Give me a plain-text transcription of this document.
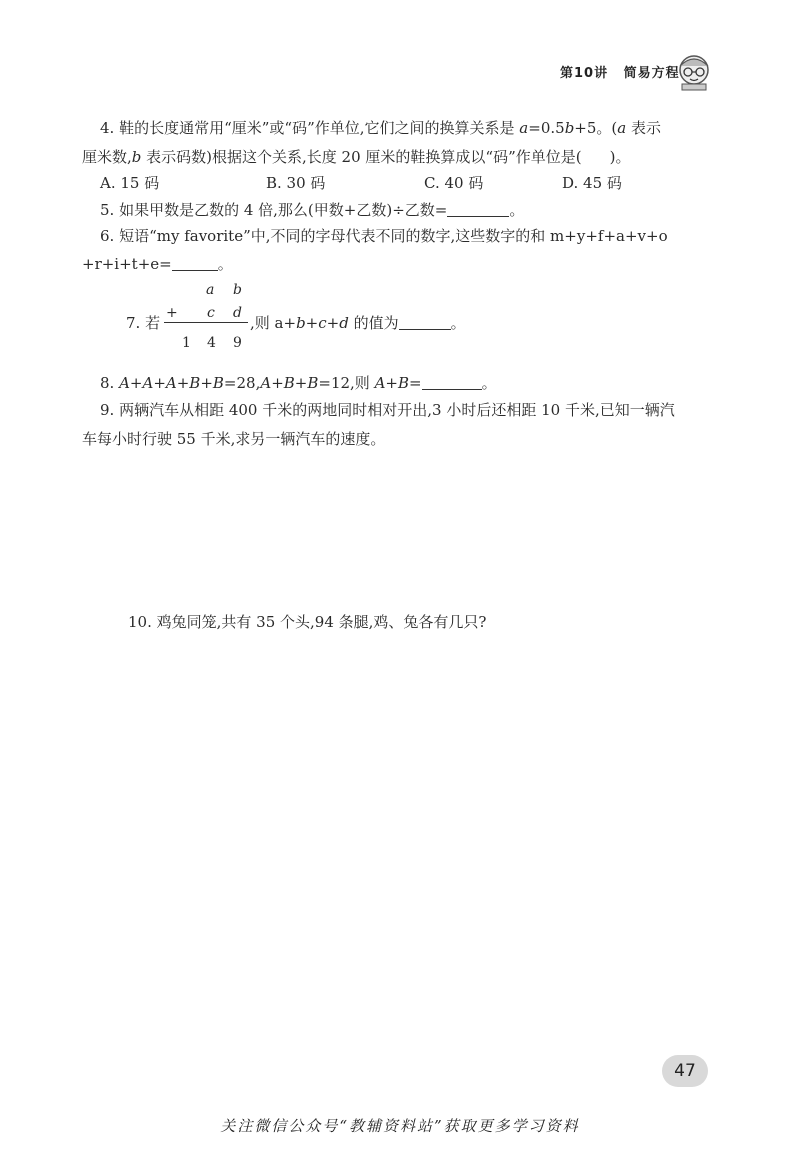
第10讲 简易方程
4. 鞋的长度通常用“厘米”或“码”作单位,它们之间的换算关系是 a=0.5b+5。(a 表示
厘米数,b 表示码数)根据这个关系,长度 20 厘米的鞋换算成以“码”作单位是( )。
A. 15 码	B. 30 码	C. 40 码	D. 45 码
5. 如果甲数是乙数的 4 倍,那么(甲数+乙数)÷乙数=	。
6. 短语“my favorite”中,不同的字母代表不同的数字,这些数字的和 m+y+f+a+v+o
+r+i+t+e=	。
a b
+ c d
1 4 9
7. 若	,则 a+b+c+d 的值为	。
8. A+A+A+B+B=28,A+B+B=12,则 A+B=	。
9. 两辆汽车从相距 400 千米的两地同时相对开出,3 小时后还相距 10 千米,已知一辆汽
车每小时行驶 55 千米,求另一辆汽车的速度。
10. 鸡兔同笼,共有 35 个头,94 条腿,鸡、兔各有几只?
47
关注微信公众号“教辅资料站”获取更多学习资料
